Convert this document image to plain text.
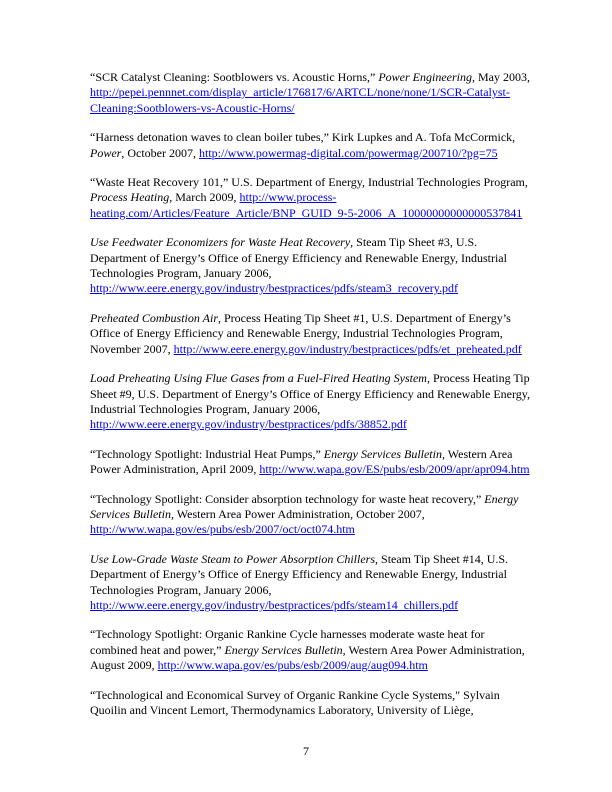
“SCR Catalyst Cleaning: Sootblowers vs. Acoustic Horns,” Power Engineering, May 2003, http://pepei.pennnet.com/display_article/176817/6/ARTCL/none/none/1/SCR-Catalyst-Cleaning:Sootblowers-vs-Acoustic-Horns/

“Harness detonation waves to clean boiler tubes,” Kirk Lupkes and A. Tofa McCormick, Power, October 2007, http://www.powermag-digital.com/powermag/200710/?pg=75

“Waste Heat Recovery 101,” U.S. Department of Energy, Industrial Technologies Program, Process Heating, March 2009, http://www.process-heating.com/Articles/Feature_Article/BNP_GUID_9-5-2006_A_10000000000000537841

Use Feedwater Economizers for Waste Heat Recovery, Steam Tip Sheet #3, U.S. Department of Energy’s Office of Energy Efficiency and Renewable Energy, Industrial Technologies Program, January 2006, http://www.eere.energy.gov/industry/bestpractices/pdfs/steam3_recovery.pdf

Preheated Combustion Air, Process Heating Tip Sheet #1, U.S. Department of Energy’s Office of Energy Efficiency and Renewable Energy, Industrial Technologies Program, November 2007, http://www.eere.energy.gov/industry/bestpractices/pdfs/et_preheated.pdf

Load Preheating Using Flue Gases from a Fuel-Fired Heating System, Process Heating Tip Sheet #9, U.S. Department of Energy’s Office of Energy Efficiency and Renewable Energy, Industrial Technologies Program, January 2006, http://www.eere.energy.gov/industry/bestpractices/pdfs/38852.pdf

“Technology Spotlight: Industrial Heat Pumps,” Energy Services Bulletin, Western Area Power Administration, April 2009, http://www.wapa.gov/ES/pubs/esb/2009/apr/apr094.htm

“Technology Spotlight: Consider absorption technology for waste heat recovery,” Energy Services Bulletin, Western Area Power Administration, October 2007, http://www.wapa.gov/es/pubs/esb/2007/oct/oct074.htm

Use Low-Grade Waste Steam to Power Absorption Chillers, Steam Tip Sheet #14, U.S. Department of Energy’s Office of Energy Efficiency and Renewable Energy, Industrial Technologies Program, January 2006, http://www.eere.energy.gov/industry/bestpractices/pdfs/steam14_chillers.pdf

“Technology Spotlight: Organic Rankine Cycle harnesses moderate waste heat for combined heat and power,” Energy Services Bulletin, Western Area Power Administration, August 2009, http://www.wapa.gov/es/pubs/esb/2009/aug/aug094.htm

“Technological and Economical Survey of Organic Rankine Cycle Systems," Sylvain Quoilin and Vincent Lemort, Thermodynamics Laboratory, University of Liège,

7
